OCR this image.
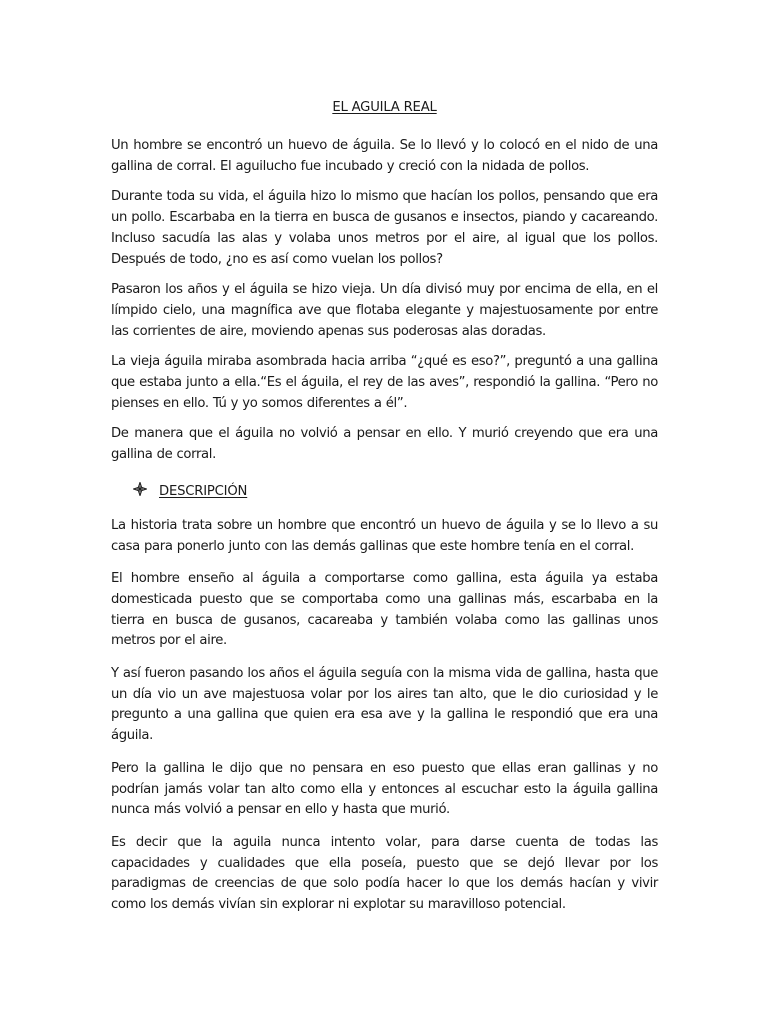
EL AGUILA REAL

Un hombre se encontró un huevo de águila. Se lo llevó y lo colocó en el nido de una gallina de corral. El aguilucho fue incubado y creció con la nidada de pollos.

Durante toda su vida, el águila hizo lo mismo que hacían los pollos, pensando que era un pollo. Escarbaba en la tierra en busca de gusanos e insectos, piando y cacareando. Incluso sacudía las alas y volaba unos metros por el aire, al igual que los pollos. Después de todo, ¿no es así como vuelan los pollos?

Pasaron los años y el águila se hizo vieja. Un día divisó muy por encima de ella, en el límpido cielo, una magnífica ave que flotaba elegante y majestuosamente por entre las corrientes de aire, moviendo apenas sus poderosas alas doradas.

La vieja águila miraba asombrada hacia arriba “¿qué es eso?”, preguntó a una gallina que estaba junto a ella.“Es el águila, el rey de las aves”, respondió la gallina. “Pero no pienses en ello. Tú y yo somos diferentes a él”.

De manera que el águila no volvió a pensar en ello. Y murió creyendo que era una gallina de corral.

DESCRIPCIÓN

La historia trata sobre un hombre que encontró un huevo de águila y se lo llevo a su casa para ponerlo junto con las demás gallinas que este hombre tenía en el corral.

El hombre enseño al águila a comportarse como gallina, esta águila ya estaba domesticada puesto que se comportaba como una gallinas más, escarbaba en la tierra en busca de gusanos, cacareaba y también volaba como las gallinas unos metros por el aire.

Y así fueron pasando los años el águila seguía con la misma vida de gallina, hasta que un día vio un ave majestuosa volar por los aires tan alto, que le dio curiosidad y le pregunto a una gallina que quien era esa ave y la gallina le respondió que era una águila.

Pero la gallina le dijo que no pensara en eso puesto que ellas eran gallinas y no podrían jamás volar tan alto como ella y entonces al escuchar esto la águila gallina nunca más volvió a pensar en ello y hasta que murió.

Es decir que la aguila nunca intento volar, para darse cuenta de todas las capacidades y cualidades que ella poseía, puesto que se dejó llevar por los paradigmas de creencias de que solo podía hacer lo que los demás hacían y vivir como los demás vivían sin explorar ni explotar su maravilloso potencial.
